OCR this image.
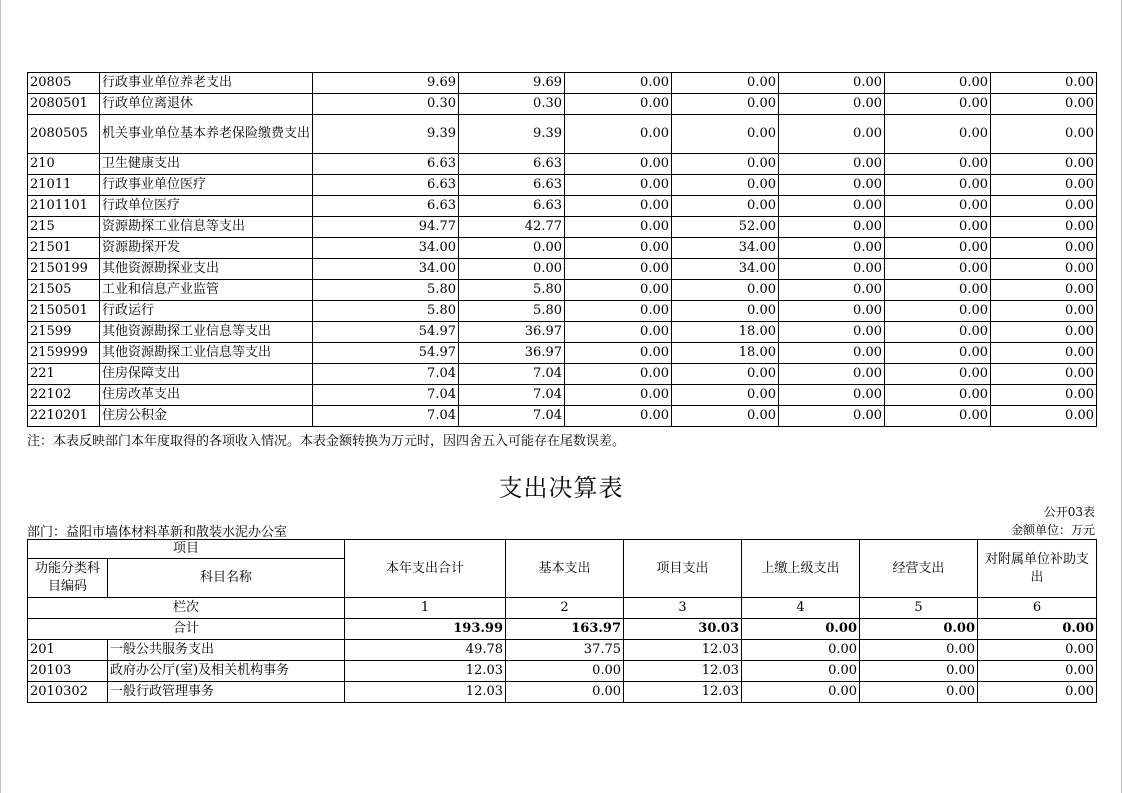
20805	行政事业单位养老支出	9.69	9.69	0.00	0.00	0.00	0.00	0.00
2080501	行政单位离退休	0.30	0.30	0.00	0.00	0.00	0.00	0.00
2080505	机关事业单位基本养老保险缴费支出	9.39	9.39	0.00	0.00	0.00	0.00	0.00
210	卫生健康支出	6.63	6.63	0.00	0.00	0.00	0.00	0.00
21011	行政事业单位医疗	6.63	6.63	0.00	0.00	0.00	0.00	0.00
2101101	行政单位医疗	6.63	6.63	0.00	0.00	0.00	0.00	0.00
215	资源勘探工业信息等支出	94.77	42.77	0.00	52.00	0.00	0.00	0.00
21501	资源勘探开发	34.00	0.00	0.00	34.00	0.00	0.00	0.00
2150199	其他资源勘探业支出	34.00	0.00	0.00	34.00	0.00	0.00	0.00
21505	工业和信息产业监管	5.80	5.80	0.00	0.00	0.00	0.00	0.00
2150501	行政运行	5.80	5.80	0.00	0.00	0.00	0.00	0.00
21599	其他资源勘探工业信息等支出	54.97	36.97	0.00	18.00	0.00	0.00	0.00
2159999	其他资源勘探工业信息等支出	54.97	36.97	0.00	18.00	0.00	0.00	0.00
221	住房保障支出	7.04	7.04	0.00	0.00	0.00	0.00	0.00
22102	住房改革支出	7.04	7.04	0.00	0.00	0.00	0.00	0.00
2210201	住房公积金	7.04	7.04	0.00	0.00	0.00	0.00	0.00
注：本表反映部门本年度取得的各项收入情况。本表金额转换为万元时，因四舍五入可能存在尾数误差。
支出决算表
公开03表
部门：益阳市墙体材料革新和散装水泥办公室	金额单位：万元
项目		本年支出合计	基本支出	项目支出	上缴上级支出	经营支出	对附属单位补助支出
功能分类科目编码	科目名称						
栏次		1	2	3	4	5	6
合计		193.99	163.97	30.03	0.00	0.00	0.00
201	一般公共服务支出	49.78	37.75	12.03	0.00	0.00	0.00
20103	政府办公厅(室)及相关机构事务	12.03	0.00	12.03	0.00	0.00	0.00
2010302	一般行政管理事务	12.03	0.00	12.03	0.00	0.00	0.00
